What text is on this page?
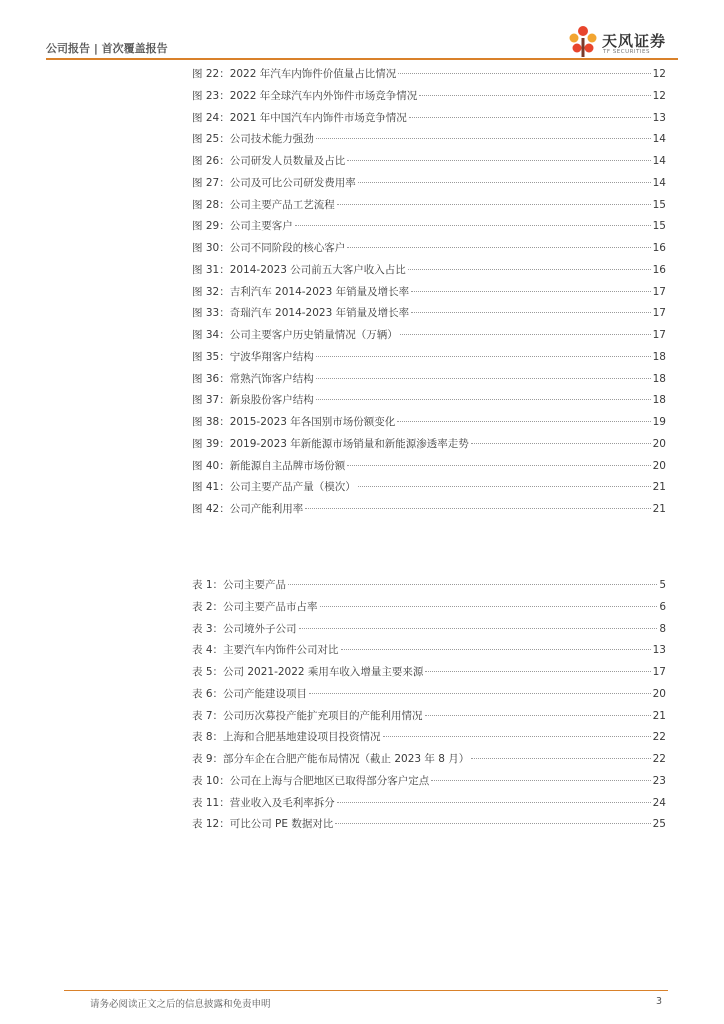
公司报告 | 首次覆盖报告	天风证券
TF SECURITIES
图 22：2022 年汽车内饰件价值量占比情况	12
图 23：2022 年全球汽车内外饰件市场竞争情况	12
图 24：2021 年中国汽车内饰件市场竞争情况	13
图 25：公司技术能力强劲	14
图 26：公司研发人员数量及占比	14
图 27：公司及可比公司研发费用率	14
图 28：公司主要产品工艺流程	15
图 29：公司主要客户	15
图 30：公司不同阶段的核心客户	16
图 31：2014-2023 公司前五大客户收入占比	16
图 32：吉利汽车 2014-2023 年销量及增长率	17
图 33：奇瑞汽车 2014-2023 年销量及增长率	17
图 34：公司主要客户历史销量情况（万辆）	17
图 35：宁波华翔客户结构	18
图 36：常熟汽饰客户结构	18
图 37：新泉股份客户结构	18
图 38：2015-2023 年各国别市场份额变化	19
图 39：2019-2023 年新能源市场销量和新能源渗透率走势	20
图 40：新能源自主品牌市场份额	20
图 41：公司主要产品产量（模次）	21
图 42：公司产能利用率	21
表 1：公司主要产品	5
表 2：公司主要产品市占率	6
表 3：公司境外子公司	8
表 4：主要汽车内饰件公司对比	13
表 5：公司 2021-2022 乘用车收入增量主要来源	17
表 6：公司产能建设项目	20
表 7：公司历次募投产能扩充项目的产能利用情况	21
表 8：上海和合肥基地建设项目投资情况	22
表 9：部分车企在合肥产能布局情况（截止 2023 年 8 月）	22
表 10：公司在上海与合肥地区已取得部分客户定点	23
表 11：营业收入及毛利率拆分	24
表 12：可比公司 PE 数据对比	25
请务必阅读正文之后的信息披露和免责申明	3
